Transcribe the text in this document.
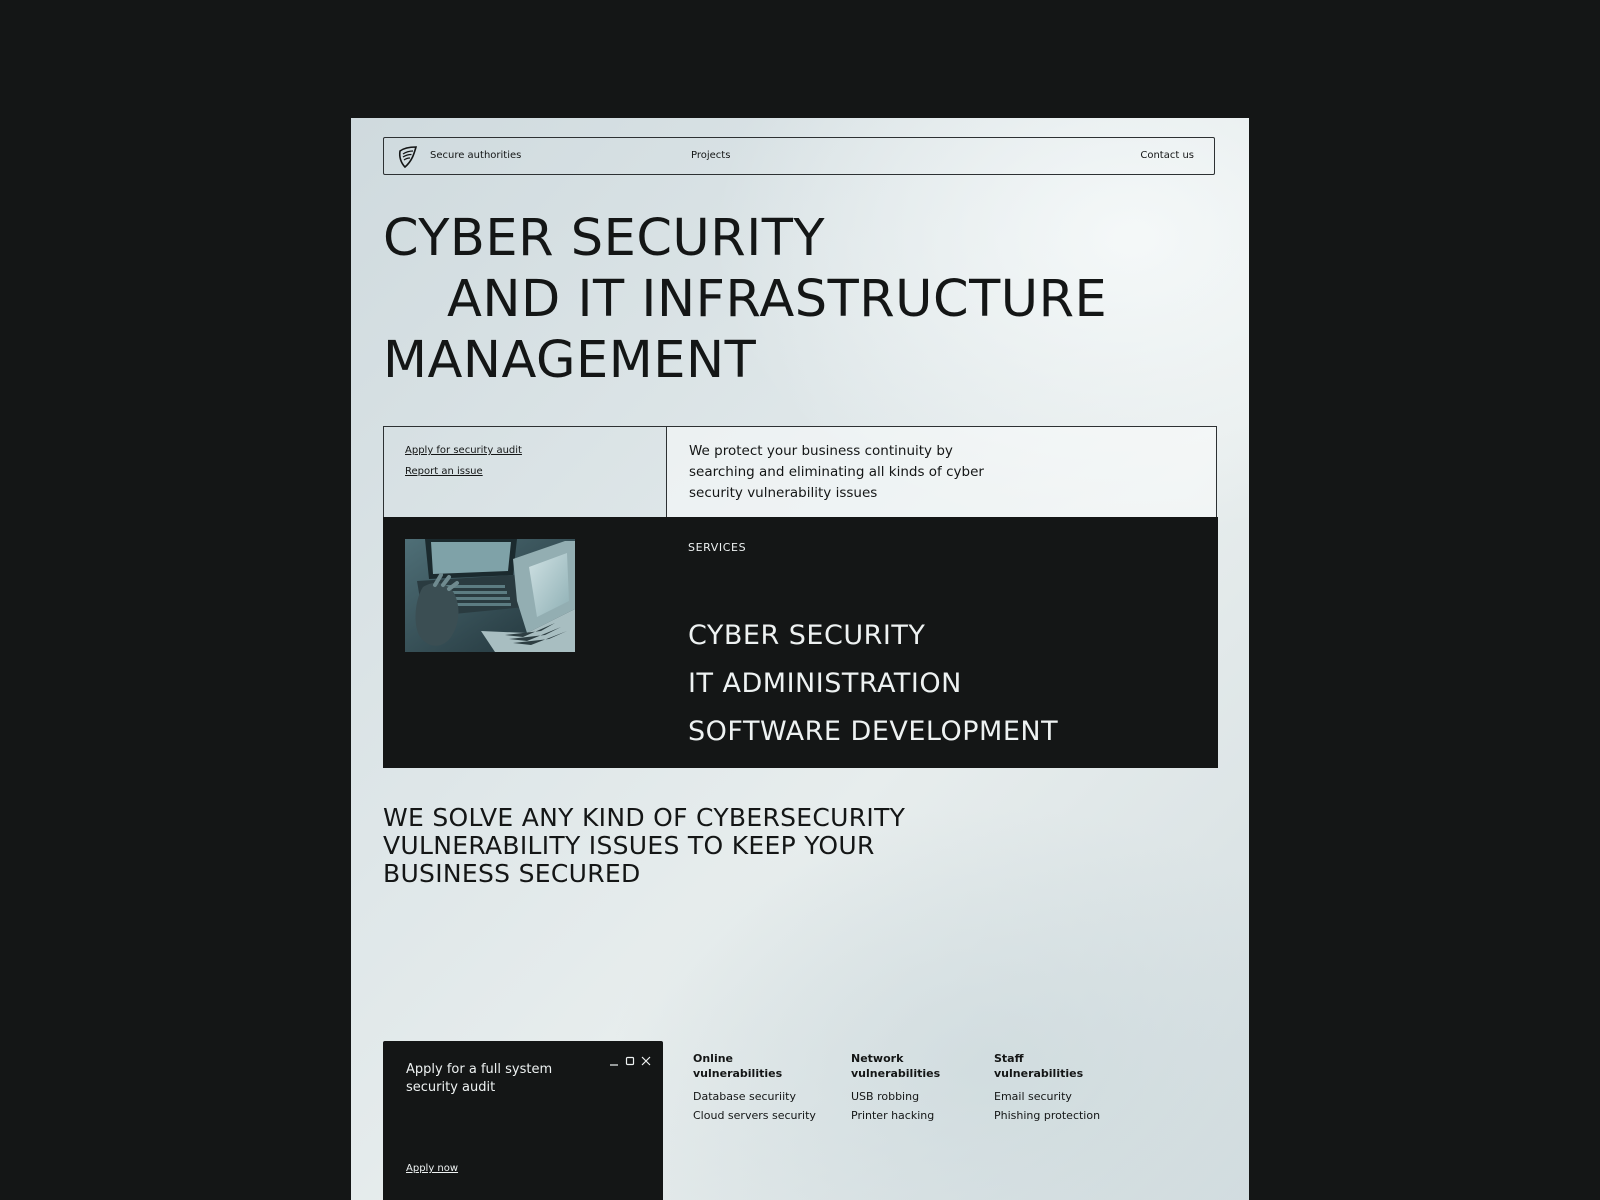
Secure authorities	Projects	Contact us
CYBER SECURITY
AND IT INFRASTRUCTURE
MANAGEMENT
Apply for security audit
Report an issue
We protect your business continuity by searching and eliminating all kinds of cyber security vulnerability issues
SERVICES
CYBER SECURITY
IT ADMINISTRATION
SOFTWARE DEVELOPMENT
WE SOLVE ANY KIND OF CYBERSECURITY VULNERABILITY ISSUES TO KEEP YOUR BUSINESS SECURED
Apply for a full system security audit
Apply now
Online vulnerabilities
Database securiity
Cloud servers security
Network vulnerabilities
USB robbing
Printer hacking
Staff vulnerabilities
Email security
Phishing protection
